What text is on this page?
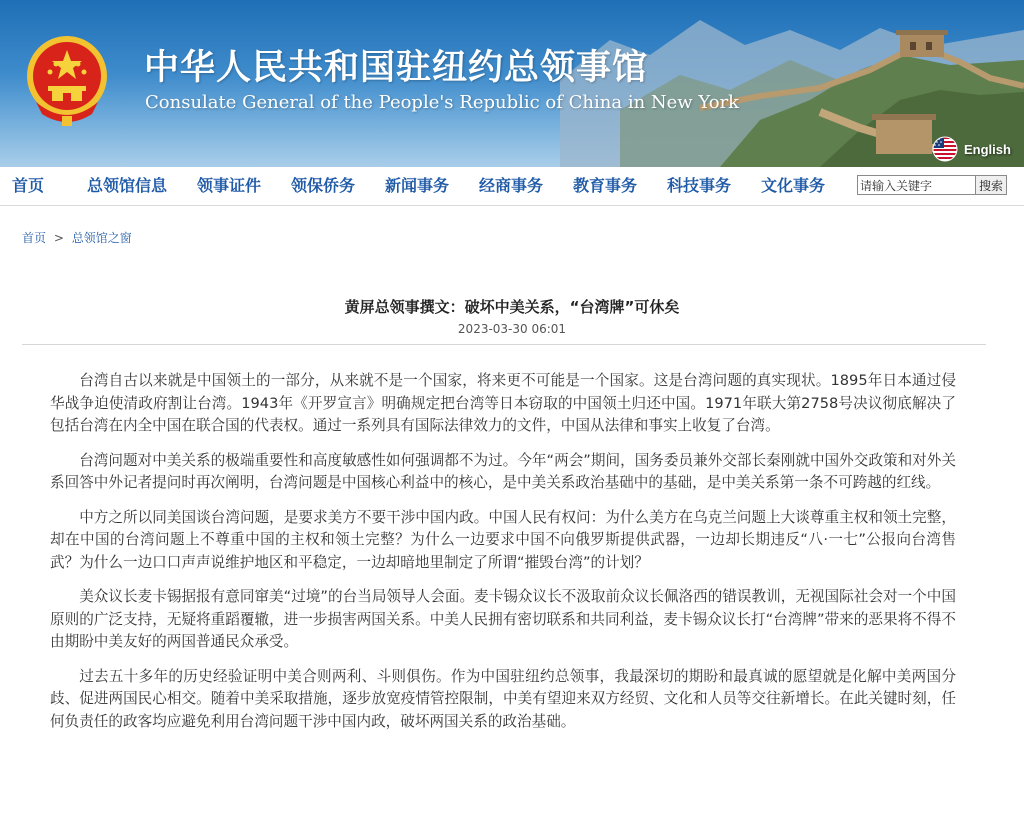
中华人民共和国驻纽约总领事馆
Consulate General of the People's Republic of China in New York
English
首页	总领馆信息 领事证件 领保侨务 新闻事务 经商事务 教育事务 科技事务 文化事务
请输入关键字	搜索
首页 > 总领馆之窗
黄屏总领事撰文：破坏中美关系，“台湾牌”可休矣
2023-03-30 06:01

台湾自古以来就是中国领土的一部分，从来就不是一个国家，将来更不可能是一个国家。这是台湾问题的真实现状。1895年日本通过侵华战争迫使清政府割让台湾。1943年《开罗宣言》明确规定把台湾等日本窃取的中国领土归还中国。1971年联大第2758号决议彻底解决了包括台湾在内全中国在联合国的代表权。通过一系列具有国际法律效力的文件，中国从法律和事实上收复了台湾。

台湾问题对中美关系的极端重要性和高度敏感性如何强调都不为过。今年“两会”期间，国务委员兼外交部长秦刚就中国外交政策和对外关系回答中外记者提问时再次阐明，台湾问题是中国核心利益中的核心，是中美关系政治基础中的基础，是中美关系第一条不可跨越的红线。

中方之所以同美国谈台湾问题，是要求美方不要干涉中国内政。中国人民有权问：为什么美方在乌克兰问题上大谈尊重主权和领土完整，却在中国的台湾问题上不尊重中国的主权和领土完整？为什么一边要求中国不向俄罗斯提供武器，一边却长期违反“八·一七”公报向台湾售武？为什么一边口口声声说维护地区和平稳定，一边却暗地里制定了所谓“摧毁台湾”的计划？

美众议长麦卡锡据报有意同窜美“过境”的台当局领导人会面。麦卡锡众议长不汲取前众议长佩洛西的错误教训，无视国际社会对一个中国原则的广泛支持，无疑将重蹈覆辙，进一步损害两国关系。中美人民拥有密切联系和共同利益，麦卡锡众议长打“台湾牌”带来的恶果将不得不由期盼中美友好的两国普通民众承受。

过去五十多年的历史经验证明中美合则两利、斗则俱伤。作为中国驻纽约总领事，我最深切的期盼和最真诚的愿望就是化解中美两国分歧、促进两国民心相交。随着中美采取措施，逐步放宽疫情管控限制，中美有望迎来双方经贸、文化和人员等交往新增长。在此关键时刻，任何负责任的政客均应避免利用台湾问题干涉中国内政，破坏两国关系的政治基础。
